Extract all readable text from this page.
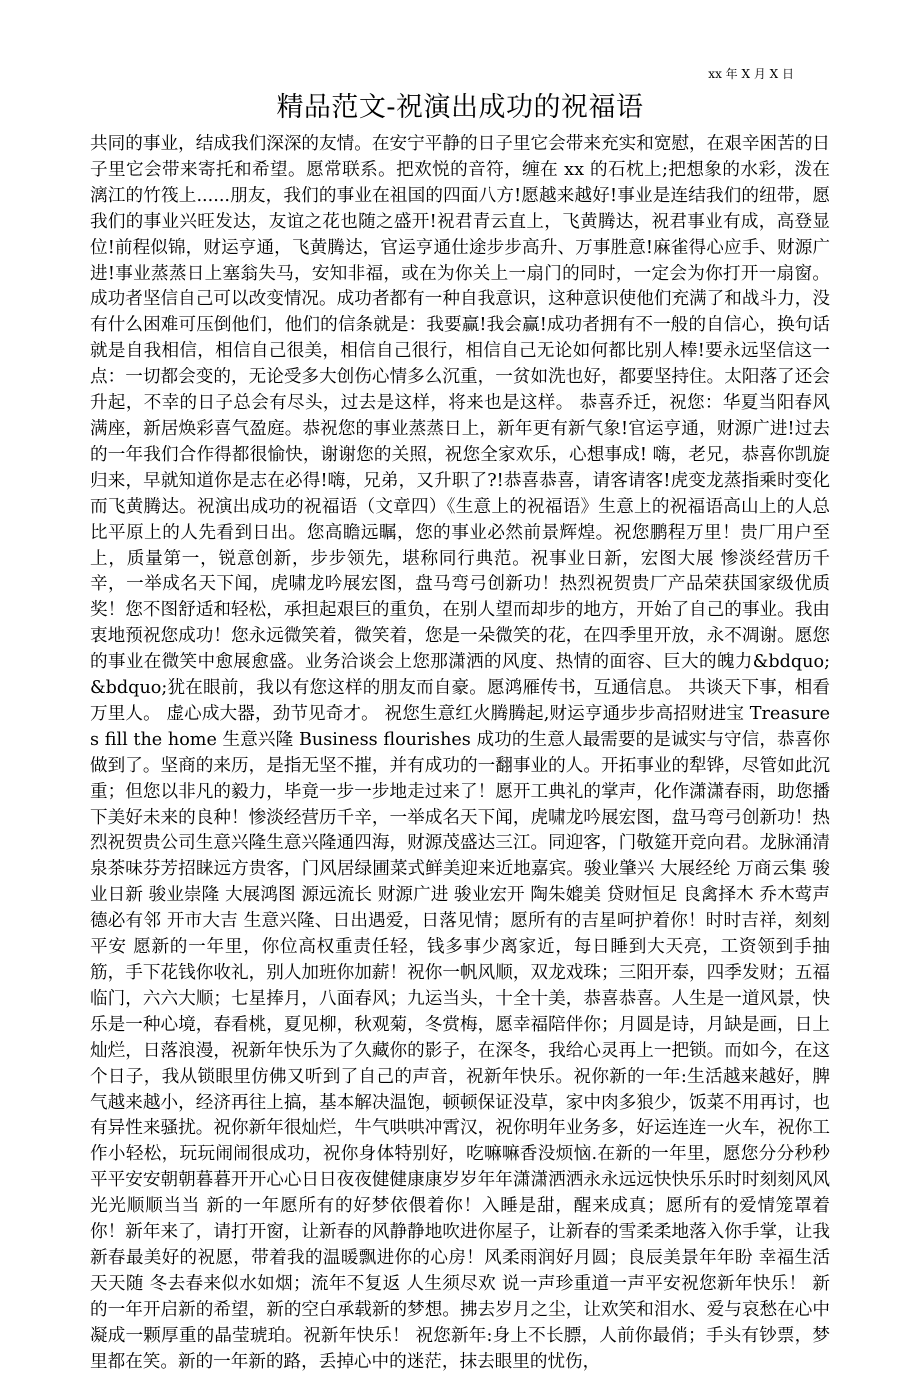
xx 年 X 月 X 日
精品范文-祝演出成功的祝福语

共同的事业，结成我们深深的友情。在安宁平静的日子里它会带来充实和宽慰，在艰辛困苦的日子里它会带来寄托和希望。愿常联系。把欢悦的音符，缠在 xx 的石枕上;把想象的水彩，泼在漓江的竹筏上......朋友，我们的事业在祖国的四面八方!愿越来越好!事业是连结我们的纽带，愿我们的事业兴旺发达，友谊之花也随之盛开!祝君青云直上，飞黄腾达，祝君事业有成，高登显位!前程似锦，财运亨通，飞黄腾达，官运亨通仕途步步高升、万事胜意!麻雀得心应手、财源广进!事业蒸蒸日上塞翁失马，安知非福，或在为你关上一扇门的同时，一定会为你打开一扇窗。成功者坚信自己可以改变情况。成功者都有一种自我意识，这种意识使他们充满了和战斗力，没有什么困难可压倒他们，他们的信条就是：我要赢!我会赢!成功者拥有不一般的自信心，换句话就是自我相信，相信自己很美，相信自己很行，相信自己无论如何都比别人棒!要永远坚信这一点：一切都会变的，无论受多大创伤心情多么沉重，一贫如洗也好，都要坚持住。太阳落了还会升起，不幸的日子总会有尽头，过去是这样，将来也是这样。 恭喜乔迁，祝您：华夏当阳春风满座，新居焕彩喜气盈庭。恭祝您的事业蒸蒸日上，新年更有新气象!官运亨通，财源广进!过去的一年我们合作得都很愉快，谢谢您的关照，祝您全家欢乐，心想事成! 嗨，老兄，恭喜你凯旋归来，早就知道你是志在必得!嗨，兄弟，又升职了?!恭喜恭喜，请客请客!虎变龙蒸指乘时变化而飞黄腾达。祝演出成功的祝福语（文章四）《生意上的祝福语》生意上的祝福语高山上的人总比平原上的人先看到日出。您高瞻远瞩，您的事业必然前景辉煌。祝您鹏程万里！贵厂用户至上，质量第一，锐意创新，步步领先，堪称同行典范。祝事业日新，宏图大展 惨淡经营历千辛，一举成名天下闻，虎啸龙吟展宏图，盘马弯弓创新功！热烈祝贺贵厂产品荣获国家级优质奖！您不图舒适和轻松，承担起艰巨的重负，在别人望而却步的地方，开始了自己的事业。我由衷地预祝您成功！您永远微笑着，微笑着，您是一朵微笑的花，在四季里开放，永不凋谢。愿您的事业在微笑中愈展愈盛。业务洽谈会上您那潇洒的风度、热情的面容、巨大的魄力&bdquo;&bdquo;犹在眼前，我以有您这样的朋友而自豪。愿鸿雁传书，互通信息。 共谈天下事，相看万里人。 虚心成大器，劲节见奇才。 祝您生意红火腾腾起,财运亨通步步高招财进宝 Treasures fill the home 生意兴隆 Business flourishes 成功的生意人最需要的是诚实与守信，恭喜你做到了。坚商的来历，是指无坚不摧，并有成功的一翻事业的人。开拓事业的犁铧，尽管如此沉重；但您以非凡的毅力，毕竟一步一步地走过来了！愿开工典礼的掌声，化作潇潇春雨，助您播下美好未来的良种！惨淡经营历千辛，一举成名天下闻，虎啸龙吟展宏图，盘马弯弓创新功！热烈祝贺贵公司生意兴隆生意兴隆通四海，财源茂盛达三江。同迎客，门敬筵开竞向君。龙脉涌清泉茶味芬芳招睐远方贵客，门风居绿圃菜式鲜美迎来近地嘉宾。骏业肇兴 大展经纶 万商云集 骏业日新 骏业崇隆 大展鸿图 源远流长 财源广进 骏业宏开 陶朱媲美 贷财恒足 良禽择木 乔木莺声 德必有邻 开市大吉 生意兴隆、日出遇爱，日落见情；愿所有的吉星呵护着你！时时吉祥，刻刻平安 愿新的一年里，你位高权重责任轻，钱多事少离家近，每日睡到大天亮，工资领到手抽筋，手下花钱你收礼，别人加班你加薪！祝你一帆风顺，双龙戏珠；三阳开泰，四季发财；五福临门，六六大顺；七星捧月，八面春风；九运当头，十全十美，恭喜恭喜。人生是一道风景，快乐是一种心境，春看桃，夏见柳，秋观菊，冬赏梅，愿幸福陪伴你；月圆是诗，月缺是画，日上灿烂，日落浪漫，祝新年快乐为了久藏你的影子，在深冬，我给心灵再上一把锁。而如今，在这个日子，我从锁眼里仿佛又听到了自己的声音，祝新年快乐。祝你新的一年:生活越来越好，脾气越来越小，经济再往上搞，基本解决温饱，顿顿保证没草，家中肉多狼少，饭菜不用再讨，也有异性来骚扰。祝你新年很灿烂，牛气哄哄冲霄汉，祝你明年业务多，好运连连一火车，祝你工作小轻松，玩玩闹闹很成功，祝你身体特别好，吃嘛嘛香没烦恼.在新的一年里，愿您分分秒秒平平安安朝朝暮暮开开心心日日夜夜健健康康岁岁年年潇潇洒洒永永远远快快乐乐时时刻刻风风光光顺顺当当 新的一年愿所有的好梦依偎着你！入睡是甜，醒来成真；愿所有的爱情笼罩着你！新年来了，请打开窗，让新春的风静静地吹进你屋子，让新春的雪柔柔地落入你手掌，让我新春最美好的祝愿，带着我的温暖飘进你的心房！风柔雨润好月圆；良辰美景年年盼 幸福生活天天随 冬去春来似水如烟；流年不复返 人生须尽欢 说一声珍重道一声平安祝您新年快乐！ 新的一年开启新的希望，新的空白承载新的梦想。拂去岁月之尘，让欢笑和泪水、爱与哀愁在心中凝成一颗厚重的晶莹琥珀。祝新年快乐！ 祝您新年:身上不长膘，人前你最俏；手头有钞票，梦里都在笑。新的一年新的路，丢掉心中的迷茫，抹去眼里的忧伤，
